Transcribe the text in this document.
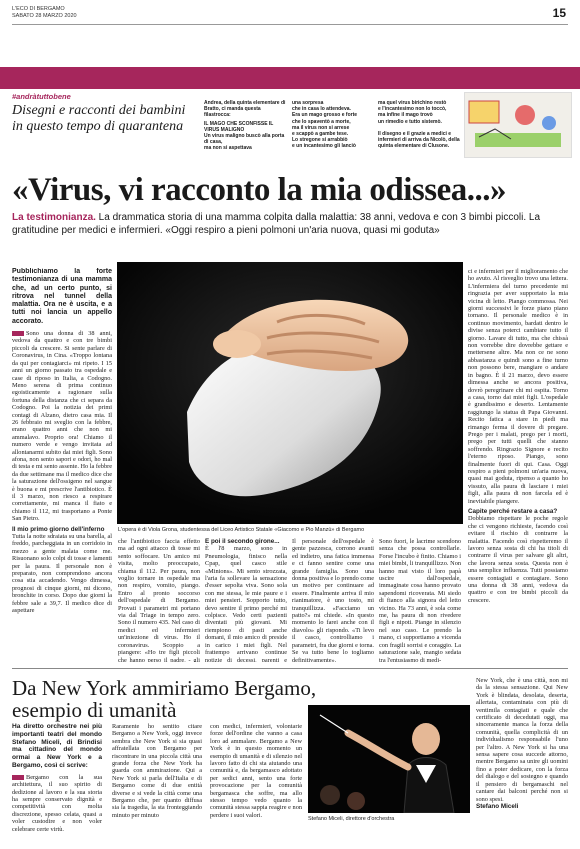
L'ECO DI BERGAMO
SABATO 28 MARZO 2020	15
#andràtuttobene
Disegni e racconti dei bambini in questo tempo di quarantena
Andrea, della quinta elementare di Bratto, ci manda questa filastrocca:
IL MAGO CHE SCONFISSE IL VIRUS MALIGNO
Un virus maligno buscò alla porta di casa,
ma non si aspettava
una sorpresa
che in casa lo attendeva.
Era un mago grosso e forte
che lo spaventò a morte,
ma il virus non si arrese
e scappò a gambe tese.
Lo stregone si arrabbiò
e un incantesimo gli lanciò
ma quel virus birichino restò
e l'incantesimo non lo toccò,
ma infine il mago trovò
un rimedio e tutto sistemò.
Il disegno e il grazie a medici e infermieri di arriva da Nicolò, della quinta elementare di Clusone.
«Virus, vi racconto la mia odissea...»
La testimonianza. La drammatica storia di una mamma colpita dalla malattia: 38 anni, vedova e con 3 bimbi piccoli. La gratitudine per medici e infermieri. «Oggi respiro a pieni polmoni un'aria nuova, quasi mi goduta»
Pubblichiamo la forte testimonianza di una mamma che, ad un certo punto, si ritrova nel tunnel della malattia. Ora ne è uscita, e a tutti noi lancia un appello accorato.
Sono una donna di 38 anni, vedova da quattro e con tre bimbi piccoli da crescere. Si sente parlare di Coronavirus, in Cina. «Troppo lontana da qui per contagiarci» mi ripeto. I 15 anni un giorno passato tra ospedale e case di riposo in Italia, a Codogno. Meno serena di prima continuo egoisticamente a ragionare sulla fortuna della distanza che ci separa da Codogno. Poi la notizia dei primi contagi di Alzano, dietro casa mia. Il 26 febbraio mi sveglio con la febbre, erano quattro anni che non mi ammalavo. Proprio ora! Chiamo il numero verde e vengo invitata ad allontanarmi subito dai miei figli. Sono afona, non sento sapori e odori, ho mal di testa e mi sento assente. Ho la febbre da due settimane ma il medico dice che la saturazione dell'ossigeno nel sangue è buona e mi prescrive l'antibiotico. È il 3 marzo, non riesco a respirare correttamente, mi manca il fiato e chiamo il 112, mi trasportano a Ponte San Pietro.
Il mio primo giorno dell'inferno
Tutta la notte sdraiata su una barella, al freddo, parcheggiata in un corridoio in mezzo a gente malata come me. Risuonano solo colpi di tosse e lamenti per la paura. Il personale non è preparato, non comprendono ancora cosa stia accadendo. Vengo dimessa, prognosi di cinque giorni, mi dicono, bronchite in corso. Dopo due giorni la febbre sale a 39,7. Il medico dice di aspettare
L'opera è di Viola Grona, studentessa del Liceo Artistico Statale «Giacomo e Pio Manzù» di Bergamo
che l'antibiotico faccia effetto ma ad ogni attacco di tosse mi sento soffocare. Un amico mi visita, molto preoccupato, chiama il 112. Per paura, non voglio tornare in ospedale ma non respiro, vomito, piango. Entro al pronto soccorso dell'ospedale di Bergamo. Provati i parametri mi portano via dal Triage in tempo zero. Sono il numero 435. Nel caso di medici ed infermieri un'iniezione di virus. Ho il coronavirus. Scoppio a piangere: «Ho tre figli piccoli che hanno perso il padre, - gli
E poi il secondo girone...
È l'8 marzo, sono in Pneumologia, finisco nella Cpap, quel casco stile «Minions». Mi sento strozzata, l'aria fa sollevare la sensazione d'esser sepolta viva. Sono sola con me stessa, le mie paure e i miei pensieri. Sopporto tutto, devo sentire il primo perché mi colpisce. Vedo certi pazienti diventati più giovani. Mi riempiono di pasti anche domani, il mio amico di preside in carico i miei figli. Nel frattempo arrivano continue notizie di decessi, parenti e
Il personale dell'ospedale è gente pazzesca, corrono avanti ed indietro, una fatica immensa e ci fanno sentire come una grande famiglia. Sono una donna positiva e lo prendo come un motivo per continuare ad essere. Finalmente arriva il mio rianimatore, è uno tosto, mi tranquillizza. «Facciamo un patto?» mi chiede. «In questo momento lo farei anche con il diavolo» gli rispondo. «Ti levo il casco, controlliamo i parametri, fra due giorni e torna. Se va tutto bene lo togliamo definitivamente».
Sono fuori, le lacrime scendono senza che possa controllarle. Forse l'incubo è finito. Chiamo i miei bimbi, li tranquillizzo. Non hanno mai visto il loro papà uscire dall'ospedale, immaginate cosa hanno provato sapendomi ricoverata. Mi siedo di fianco alla signora del letto vicino. Ha 73 anni, è sola come me, ha paura di non rivedere figli e nipoti. Piange in silenzio nel suo caso. Le prendo la mano, ci supportiamo a vicenda con fragili sorrisi e coraggio. La saturazione sale, mangio sedata tra l'entusiasmo di medi-
ci e infermieri per il miglioramento che ho avuto. Al risveglio trovo una lettera. L'infermiera del turno precedente mi ringrazia per aver supportato la mia vicina di letto. Piango commossa. Nei giorni successivi le forze piano piano tornano. Il personale medico è in continuo movimento, bardati dentro le divise senza poterci cambiare tutto il giorno. Lavare di tutto, ma che chissà non vorrebbe dire dovrebbe gettare e mettersene altre. Ma non ce ne sono abbastanza e quindi sono a fine turno non possono bere, mangiare o andare in bagno. È il 21 marzo, devo essere dimessa anche se ancora positiva, dovrò peregrinare chi mi ospita. Torno a casa, torno dai miei figli. L'ospedale è grandissimo e deserto. Lentamente raggiungo la statua di Papa Giovanni. Recito fatica a stare in piedi ma rimango ferma il dovere di pregare. Prego per i malati, prego per i morti, prego per tutti quelli che stanno soffrendo. Ringrazio Signore e recito l'eterno riposo. Piango, sono finalmente fuori di qui. Casa. Oggi respiro a pieni polmoni un'aria nuova, quasi mai goduta, ripenso a quanto ho vissuto, alla paura di lasciare i miei figli, alla paura di non farcela ed è inevitabile piangere.
Capite perché restare a casa?
Dobbiamo rispettare le poche regole che ci vengono richieste, facendo così evitare il rischio di contrarre la malattia. Facendo così rispetteremo il lavoro senza sosta di chi ha titoli di contrarre il virus per salvare gli altri, che lavora senza sosta. Questa non è una semplice influenza. Tutti possiamo essere contagiati e contagiare. Sono una donna di 38 anni, vedova da quattro e con tre bimbi piccoli da crescere.
Da New York ammiriamo Bergamo, esempio di umanità
Ha diretto orchestre nei più importanti teatri del mondo Stefano Miceli, di Brindisi ma cittadino del mondo ormai a New York e a Bergamo, così ci scrive:
Bergamo con la sua architettura, il suo spirito di dedizione al lavoro e la sua storia ha sempre conservato dignità e competitività con molta discrezione, spesso celata, quasi a voler custodire e non voler celebrare certe virtù.
Raramente ho sentito citare Bergamo a New York, oggi invece sembra che New York si sia quasi affratellata con Bergamo per riscontrare in una piccola città una grande forza che New York ha guarda con ammirazione. Qui a New York si parla dell'Italia e di Bergamo come di due entità diverse e si vede la città come una Bergamo che, per quanto diffusa sia la tragedia, la sta fronteggiando minuto per minuto
con medici, infermieri, volontarie forze dell'ordine che vanno a casa loro ad ammalare. Bergamo a New York è in questo momento un esempio di umanità e di silenzio nel lavoro fatto di chi sta aiutando una comunità e, da bergamasco adottato per sedici anni, sento una forte provocazione per la comunità bergamasca che soffre, ma allo stesso tempo vedo quanto la comunità stessa sappia reagire e non perdere i suoi valori.
Stefano Miceli, direttore d'orchestra
New York, che è una città, non mi da la stessa sensazione. Qui New York è blindata, desolata, deserta, allertata, contaminata con più di ventimila contagiati e quale che certificato di decedutati oggi, ma sinceramente manca la forza della comunità, quella complicità di un individualismo responsabile l'uno per l'altro. A New York si ha una sensa sapere cosa succede attorno, mentre Bergamo sa unire gli uomini fino a poter dedicare, con la forza del dialogo e del sostegno e quando il pensiero di bergamaschi nel cantare dai balconi perché non si sono spesi.
Stefano Miceli
